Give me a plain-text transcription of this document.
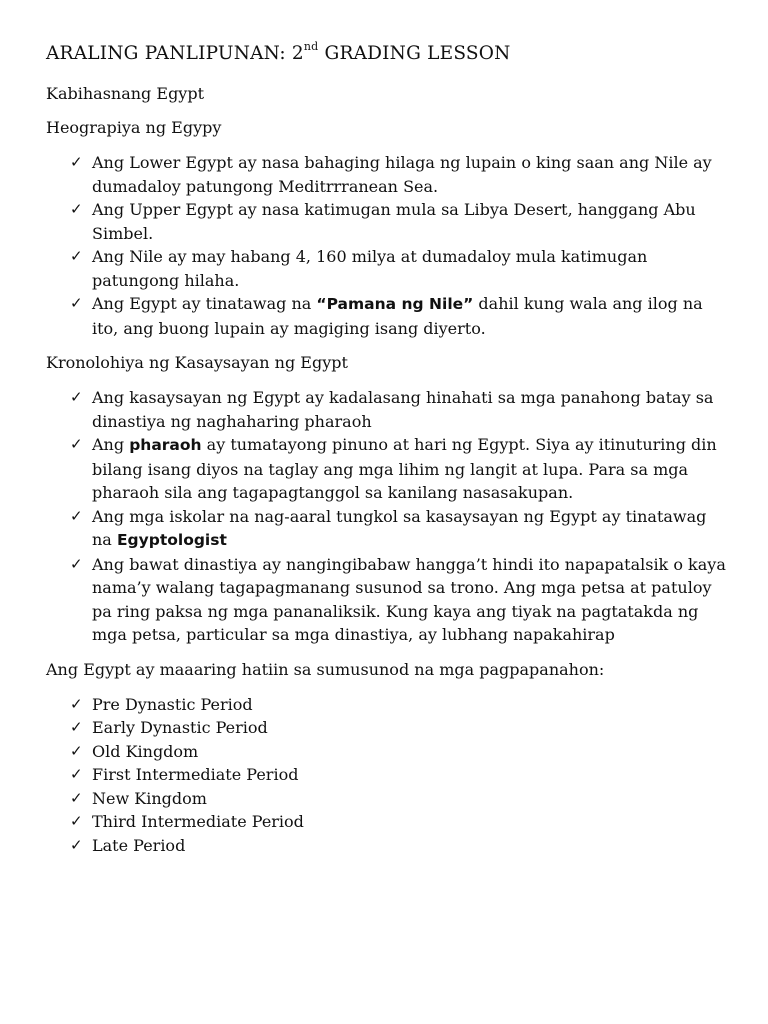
ARALING PANLIPUNAN: 2nd GRADING LESSON
Kabihasnang Egypt
Heograpiya ng Egypy
✓ Ang Lower Egypt ay nasa bahaging hilaga ng lupain o king saan ang Nile ay dumadaloy patungong Meditrrranean Sea.
✓ Ang Upper Egypt ay nasa katimugan mula sa Libya Desert, hanggang Abu Simbel.
✓ Ang Nile ay may habang 4, 160 milya at dumadaloy mula katimugan patungong hilaha.
✓ Ang Egypt ay tinatawag na “Pamana ng Nile” dahil kung wala ang ilog na ito, ang buong lupain ay magiging isang diyerto.
Kronolohiya ng Kasaysayan ng Egypt
✓ Ang kasaysayan ng Egypt ay kadalasang hinahati sa mga panahong batay sa dinastiya ng naghaharing pharaoh
✓ Ang pharaoh ay tumatayong pinuno at hari ng Egypt. Siya ay itinuturing din bilang isang diyos na taglay ang mga lihim ng langit at lupa. Para sa mga pharaoh sila ang tagapagtanggol sa kanilang nasasakupan.
✓ Ang mga iskolar na nag-aaral tungkol sa kasaysayan ng Egypt ay tinatawag na Egyptologist
✓ Ang bawat dinastiya ay nangingibabaw hangga’t hindi ito napapatalsik o kaya nama’y walang tagapagmanang susunod sa trono. Ang mga petsa at patuloy pa ring paksa ng mga pananaliksik. Kung kaya ang tiyak na pagtatakda ng mga petsa, particular sa mga dinastiya, ay lubhang napakahirap
Ang Egypt ay maaaring hatiin sa sumusunod na mga pagpapanahon:
✓ Pre Dynastic Period
✓ Early Dynastic Period
✓ Old Kingdom
✓ First Intermediate Period
✓ New Kingdom
✓ Third Intermediate Period
✓ Late Period
